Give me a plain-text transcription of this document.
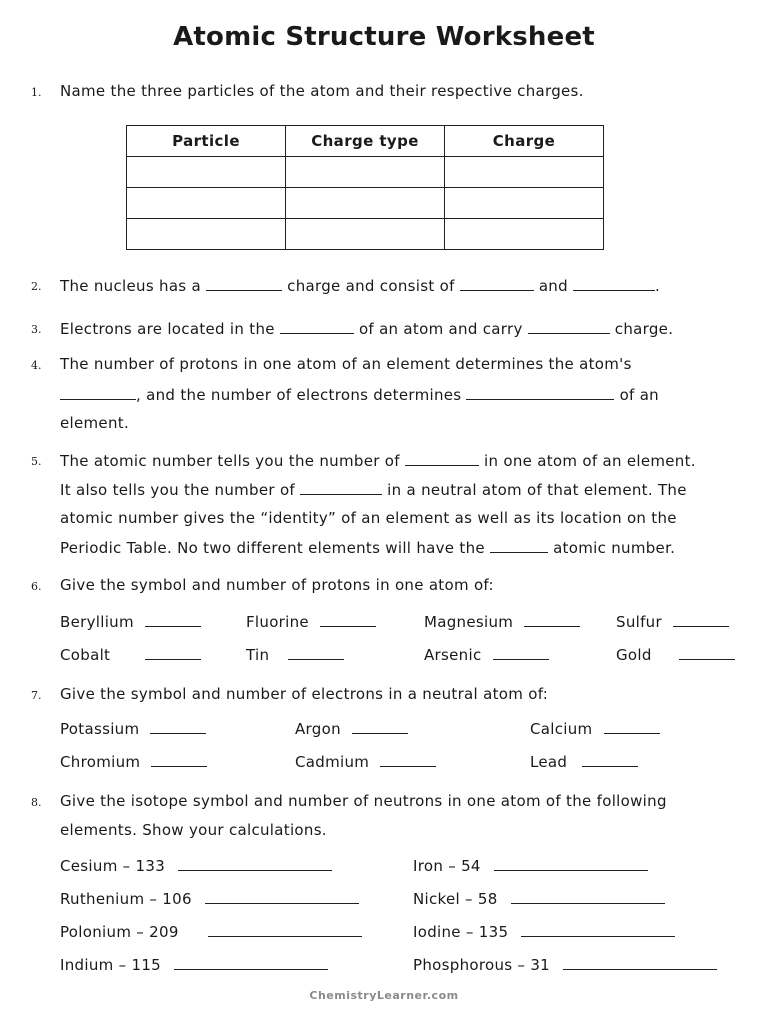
Atomic Structure Worksheet
1. Name the three particles of the atom and their respective charges.
Particle	Charge type	Charge

2. The nucleus has a	charge and consist of	and	.
3. Electrons are located in the	of an atom and carry	charge.
4. The number of protons in one atom of an element determines the atom's
, and the number of electrons determines	of an
element.
5. The atomic number tells you the number of	in one atom of an element.
It also tells you the number of	in a neutral atom of that element. The
atomic number gives the “identity” of an element as well as its location on the
Periodic Table. No two different elements will have the	atomic number.
6. Give the symbol and number of protons in one atom of:
Beryllium	Fluorine	Magnesium	Sulfur
Cobalt	Tin	Arsenic	Gold
7. Give the symbol and number of electrons in a neutral atom of:
Potassium	Argon	Calcium
Chromium	Cadmium	Lead
8. Give the isotope symbol and number of neutrons in one atom of the following
elements. Show your calculations.
Cesium – 133	Iron – 54
Ruthenium – 106	Nickel – 58
Polonium – 209	Iodine – 135
Indium – 115	Phosphorous – 31
ChemistryLearner.com
